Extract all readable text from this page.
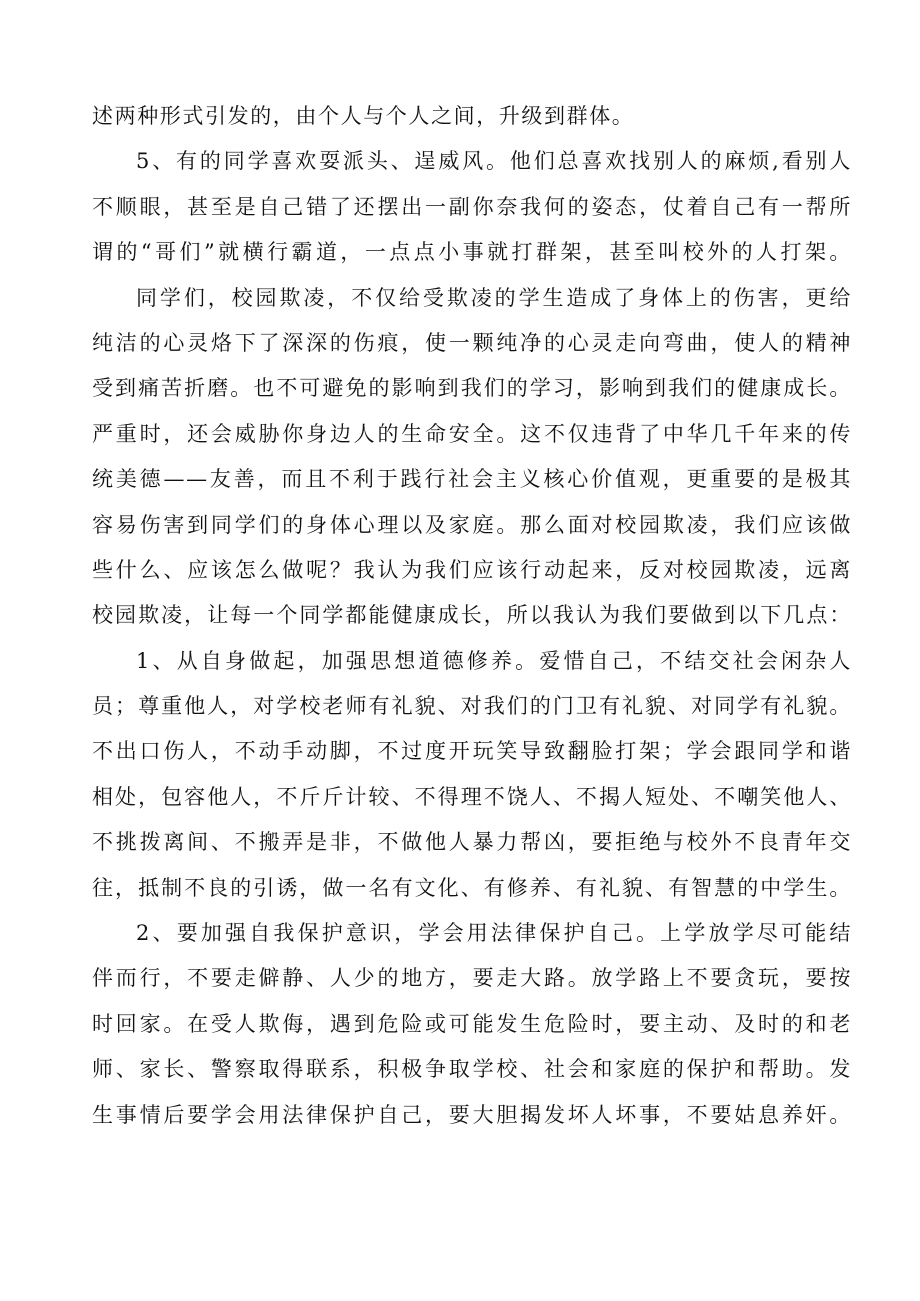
述两种形式引发的，由个人与个人之间，升级到群体。
5、有的同学喜欢耍派头、逞威风。他们总喜欢找别人的麻烦,看别人
不顺眼，甚至是自己错了还摆出一副你奈我何的姿态，仗着自己有一帮所
谓的“哥们”就横行霸道，一点点小事就打群架，甚至叫校外的人打架。
同学们，校园欺凌，不仅给受欺凌的学生造成了身体上的伤害，更给
纯洁的心灵烙下了深深的伤痕，使一颗纯净的心灵走向弯曲，使人的精神
受到痛苦折磨。也不可避免的影响到我们的学习，影响到我们的健康成长。
严重时，还会威胁你身边人的生命安全。这不仅违背了中华几千年来的传
统美德——友善，而且不利于践行社会主义核心价值观，更重要的是极其
容易伤害到同学们的身体心理以及家庭。那么面对校园欺凌，我们应该做
些什么、应该怎么做呢？我认为我们应该行动起来，反对校园欺凌，远离
校园欺凌，让每一个同学都能健康成长，所以我认为我们要做到以下几点：
1、从自身做起，加强思想道德修养。爱惜自己，不结交社会闲杂人
员；尊重他人，对学校老师有礼貌、对我们的门卫有礼貌、对同学有礼貌。
不出口伤人，不动手动脚，不过度开玩笑导致翻脸打架；学会跟同学和谐
相处，包容他人，不斤斤计较、不得理不饶人、不揭人短处、不嘲笑他人、
不挑拨离间、不搬弄是非，不做他人暴力帮凶，要拒绝与校外不良青年交
往，抵制不良的引诱，做一名有文化、有修养、有礼貌、有智慧的中学生。
2、要加强自我保护意识，学会用法律保护自己。上学放学尽可能结
伴而行，不要走僻静、人少的地方，要走大路。放学路上不要贪玩，要按
时回家。在受人欺侮，遇到危险或可能发生危险时，要主动、及时的和老
师、家长、警察取得联系，积极争取学校、社会和家庭的保护和帮助。发
生事情后要学会用法律保护自己，要大胆揭发坏人坏事，不要姑息养奸。
